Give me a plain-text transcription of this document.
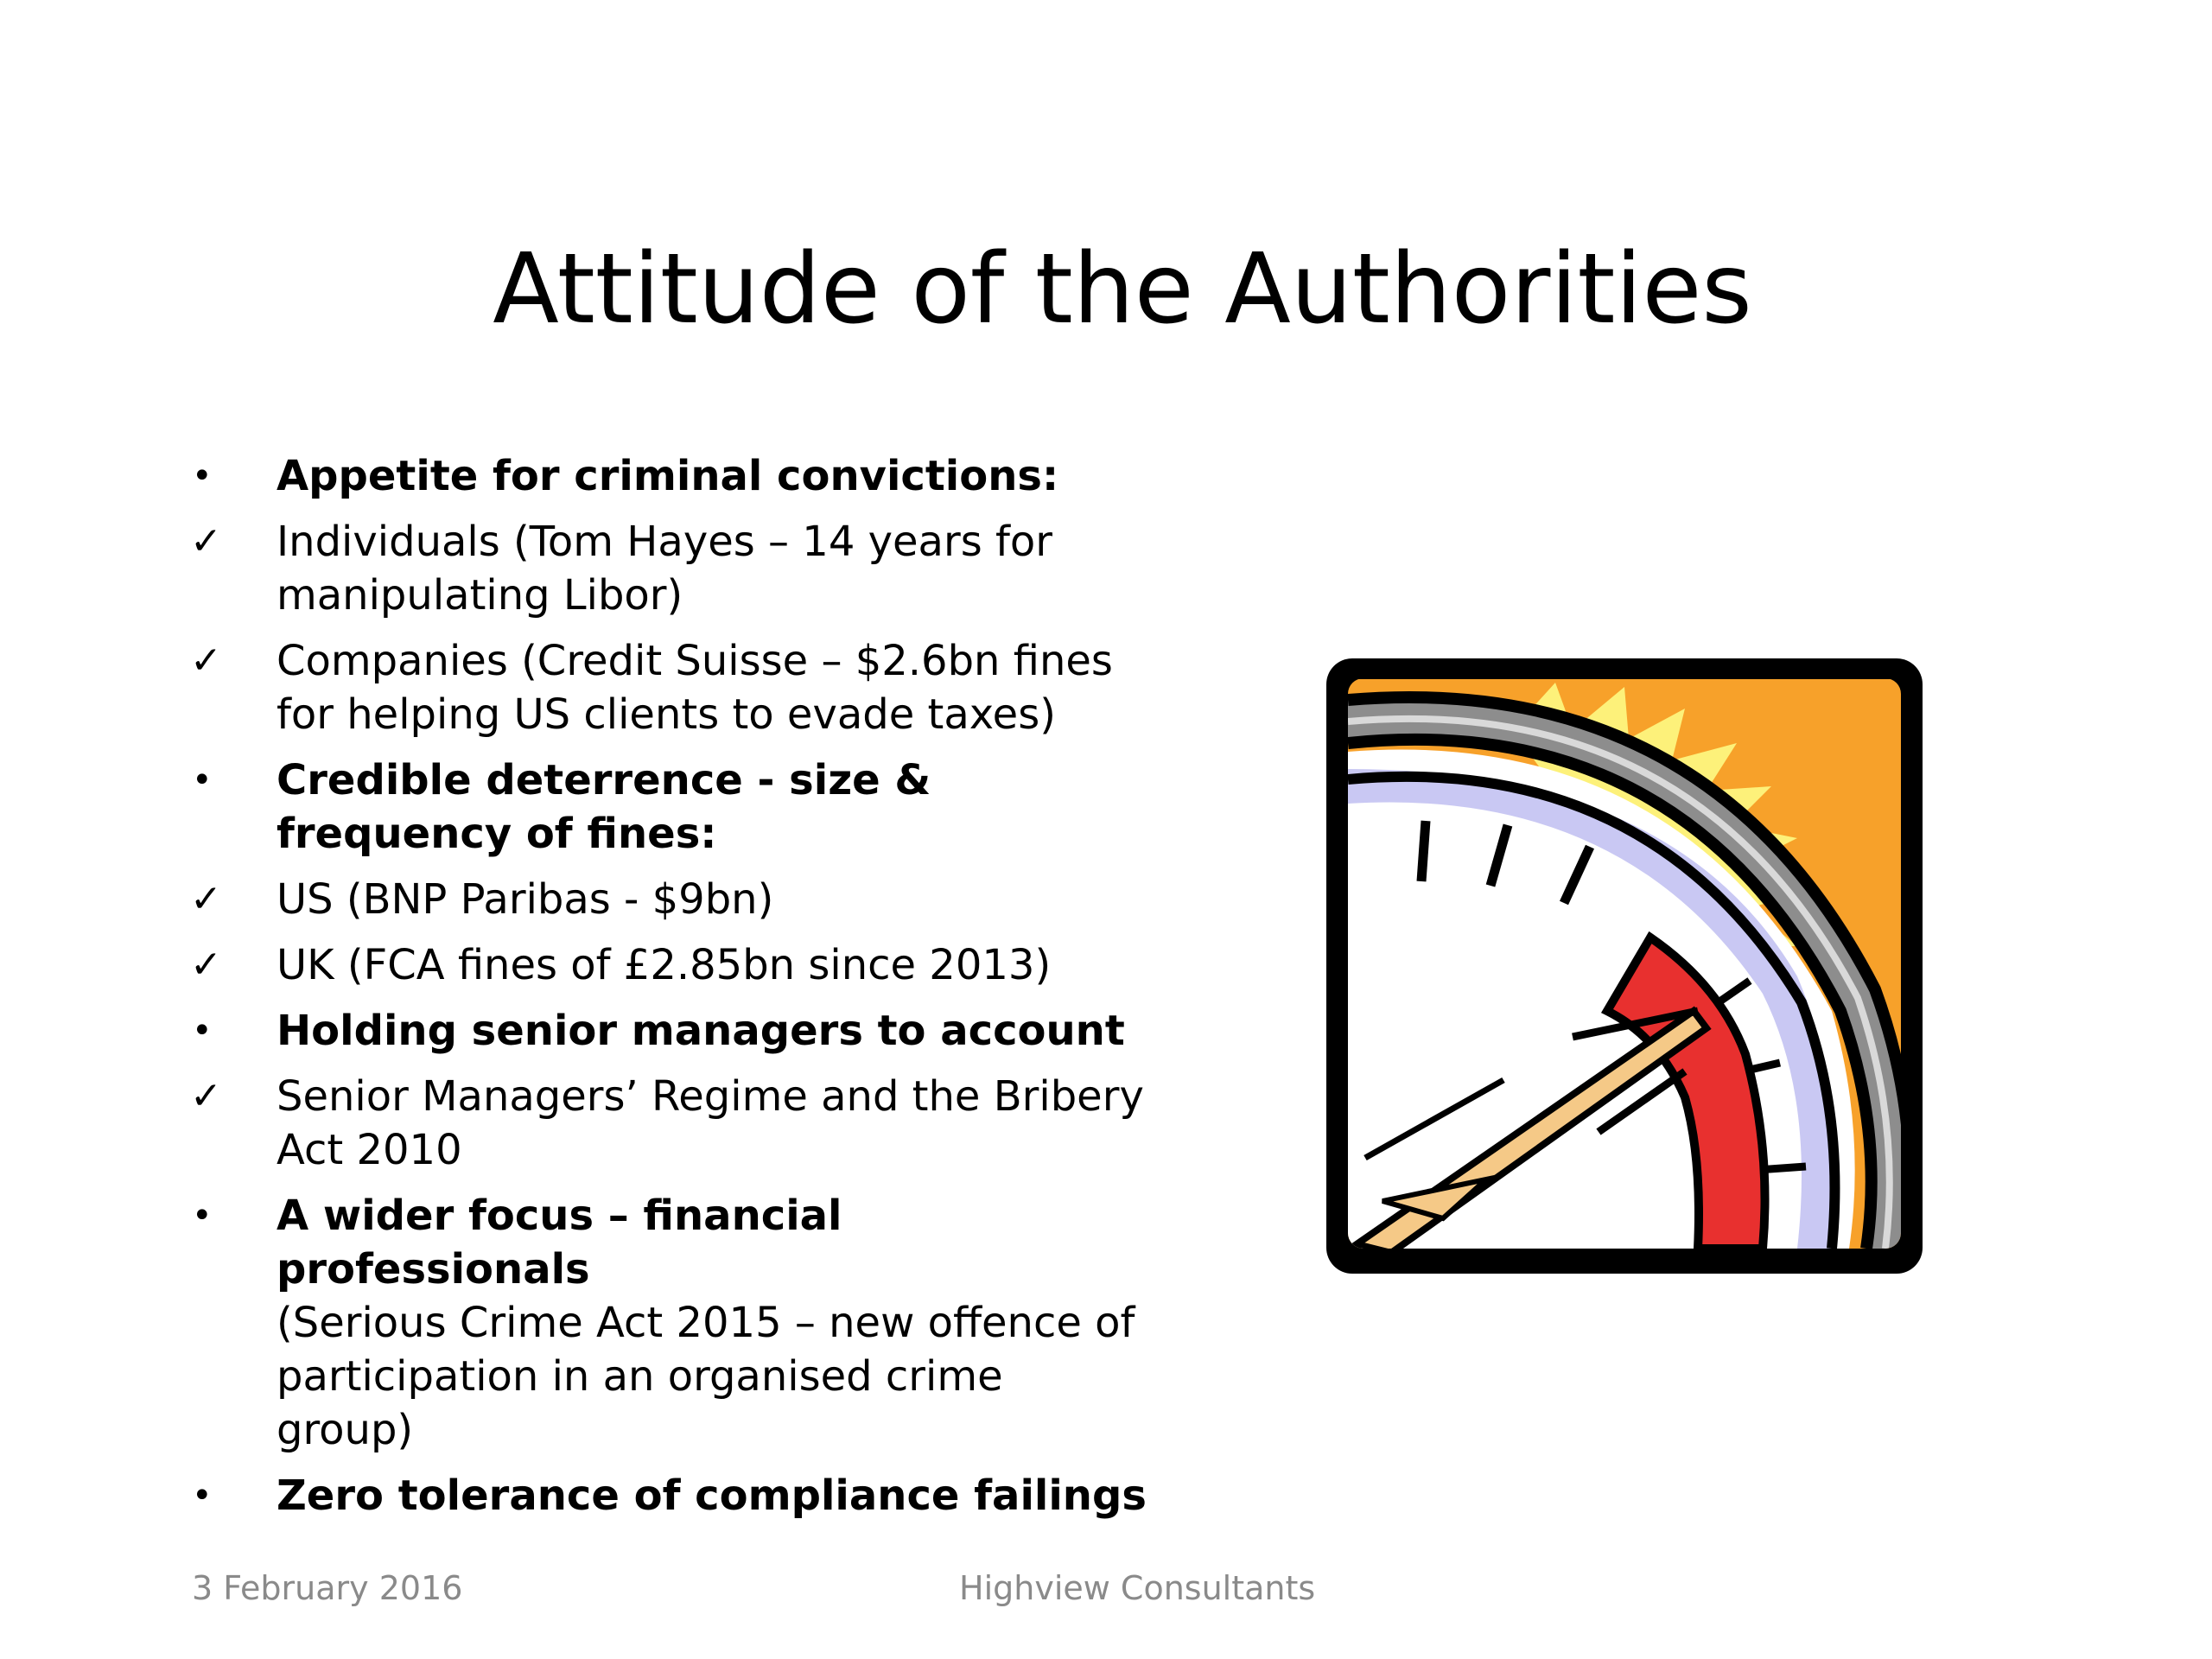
Attitude of the Authorities
•	Appetite for criminal convictions:
✓	Individuals (Tom Hayes – 14 years for manipulating Libor)
✓	Companies (Credit Suisse – $2.6bn fines for helping US clients to evade taxes)
•	Credible deterrence - size & frequency of fines:
✓	US (BNP Paribas - $9bn)
✓	UK (FCA fines of £2.85bn since 2013)
•	Holding senior managers to account
✓	Senior Managers’ Regime and the Bribery Act 2010
•	A wider focus – financial professionals
(Serious Crime Act 2015 – new offence of participation in an organised crime group)
•	Zero tolerance of compliance failings
3 February 2016	Highview Consultants
